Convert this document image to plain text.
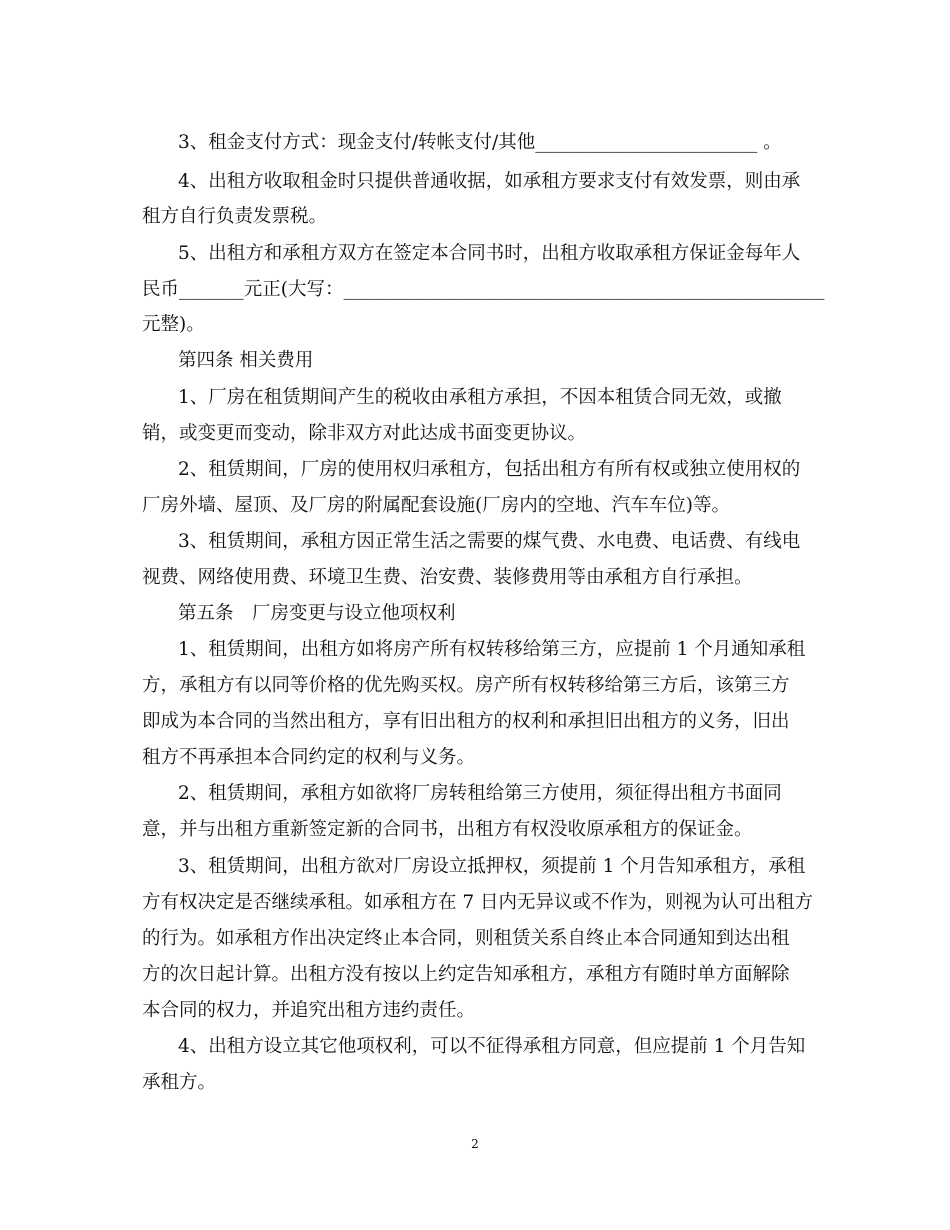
3、租金支付方式：现金支付/转帐支付/其他________________________ 。
4、出租方收取租金时只提供普通收据，如承租方要求支付有效发票，则由承
租方自行负责发票税。
5、出租方和承租方双方在签定本合同书时，出租方收取承租方保证金每年人
民币_______元正(大写：____________________________________________________
元整)。
第四条 相关费用
1、厂房在租赁期间产生的税收由承租方承担，不因本租赁合同无效，或撤
销，或变更而变动，除非双方对此达成书面变更协议。
2、租赁期间，厂房的使用权归承租方，包括出租方有所有权或独立使用权的
厂房外墙、屋顶、及厂房的附属配套设施(厂房内的空地、汽车车位)等。
3、租赁期间，承租方因正常生活之需要的煤气费、水电费、电话费、有线电
视费、网络使用费、环境卫生费、治安费、装修费用等由承租方自行承担。
第五条　厂房变更与设立他项权利
1、租赁期间，出租方如将房产所有权转移给第三方，应提前 1 个月通知承租
方，承租方有以同等价格的优先购买权。房产所有权转移给第三方后，该第三方
即成为本合同的当然出租方，享有旧出租方的权利和承担旧出租方的义务，旧出
租方不再承担本合同约定的权利与义务。
2、租赁期间，承租方如欲将厂房转租给第三方使用，须征得出租方书面同
意，并与出租方重新签定新的合同书，出租方有权没收原承租方的保证金。
3、租赁期间，出租方欲对厂房设立抵押权，须提前 1 个月告知承租方，承租
方有权决定是否继续承租。如承租方在 7 日内无异议或不作为，则视为认可出租方
的行为。如承租方作出决定终止本合同，则租赁关系自终止本合同通知到达出租
方的次日起计算。出租方没有按以上约定告知承租方，承租方有随时单方面解除
本合同的权力，并追究出租方违约责任。
4、出租方设立其它他项权利，可以不征得承租方同意，但应提前 1 个月告知
承租方。
2
